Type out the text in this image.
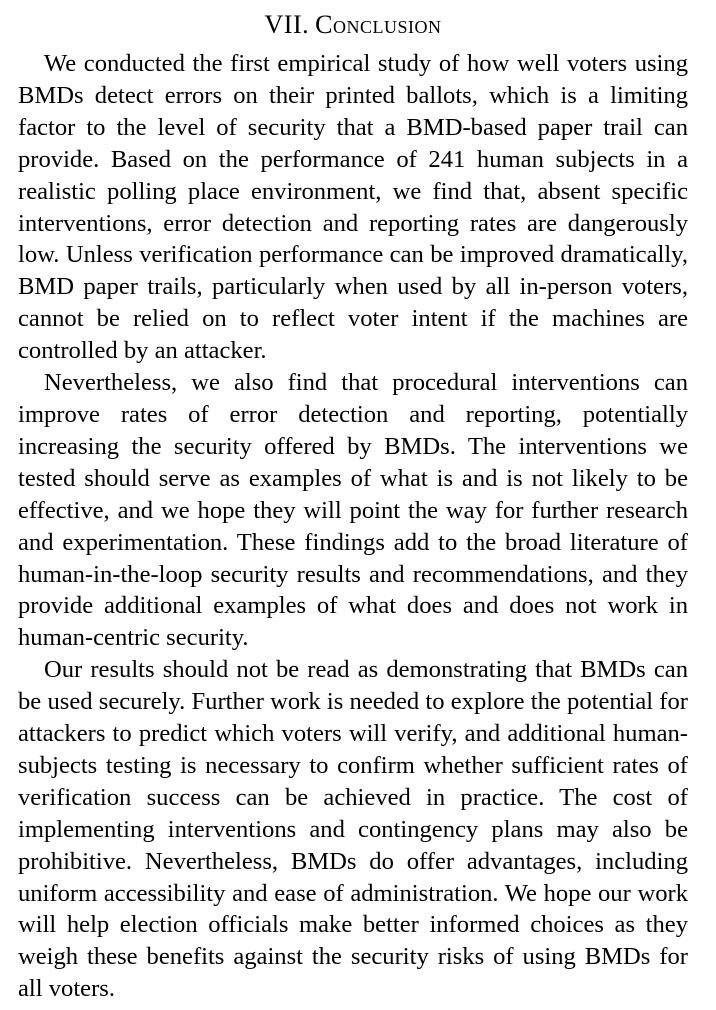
VII. Conclusion

We conducted the first empirical study of how well voters using BMDs detect errors on their printed ballots, which is a limiting factor to the level of security that a BMD-based paper trail can provide. Based on the performance of 241 human subjects in a realistic polling place environment, we find that, absent specific interventions, error detection and reporting rates are dangerously low. Unless verification performance can be improved dramatically, BMD paper trails, particularly when used by all in-person voters, cannot be relied on to reflect voter intent if the machines are controlled by an attacker.

Nevertheless, we also find that procedural interventions can improve rates of error detection and reporting, potentially increasing the security offered by BMDs. The interventions we tested should serve as examples of what is and is not likely to be effective, and we hope they will point the way for further research and experimentation. These findings add to the broad literature of human-in-the-loop security results and recommendations, and they provide additional examples of what does and does not work in human-centric security.

Our results should not be read as demonstrating that BMDs can be used securely. Further work is needed to explore the potential for attackers to predict which voters will verify, and additional human-subjects testing is necessary to confirm whether sufficient rates of verification success can be achieved in practice. The cost of implementing interventions and contingency plans may also be prohibitive. Nevertheless, BMDs do offer advantages, including uniform accessibility and ease of administration. We hope our work will help election officials make better informed choices as they weigh these benefits against the security risks of using BMDs for all voters.
